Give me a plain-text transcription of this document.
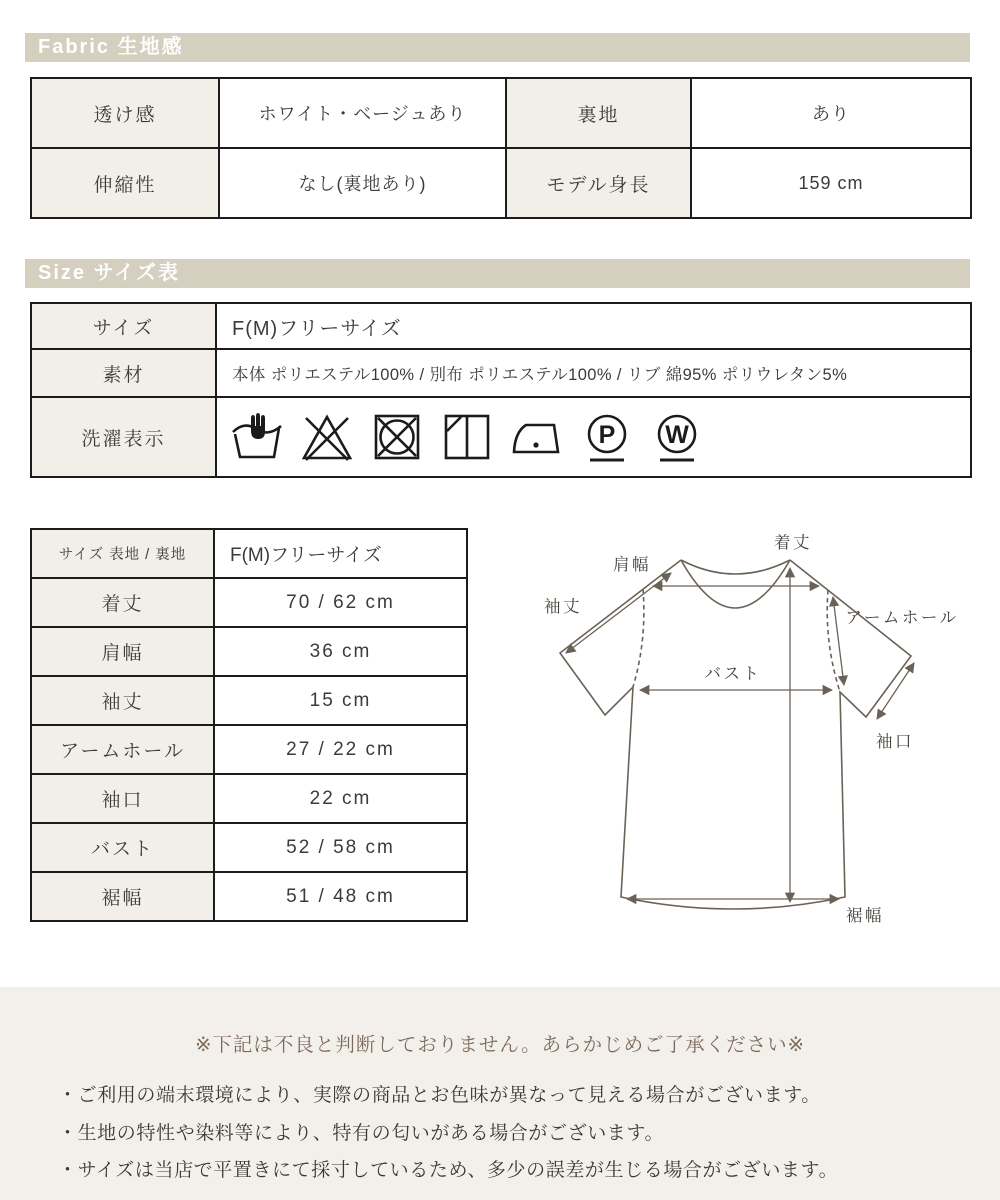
Fabric 生地感
透け感	ホワイト・ベージュあり	裏地	あり
伸縮性	なし(裏地あり)	モデル身長	159 cm
Size サイズ表
サイズ	F(M)フリーサイズ
素材	本体 ポリエステル100% / 別布 ポリエステル100% / リブ 綿95% ポリウレタン5%
洗濯表示	P W
サイズ 表地 / 裏地	F(M)フリーサイズ
着丈	70 / 62 cm
肩幅	36 cm
袖丈	15 cm
アームホール	27 / 22 cm
袖口	22 cm
バスト	52 / 58 cm
裾幅	51 / 48 cm
着丈
肩幅
袖丈
アームホール
バスト
袖口
裾幅

※下記は不良と判断しておりません。あらかじめご了承ください※

・ご利用の端末環境により、実際の商品とお色味が異なって見える場合がございます。
・生地の特性や染料等により、特有の匂いがある場合がございます。
・サイズは当店で平置きにて採寸しているため、多少の誤差が生じる場合がございます。
